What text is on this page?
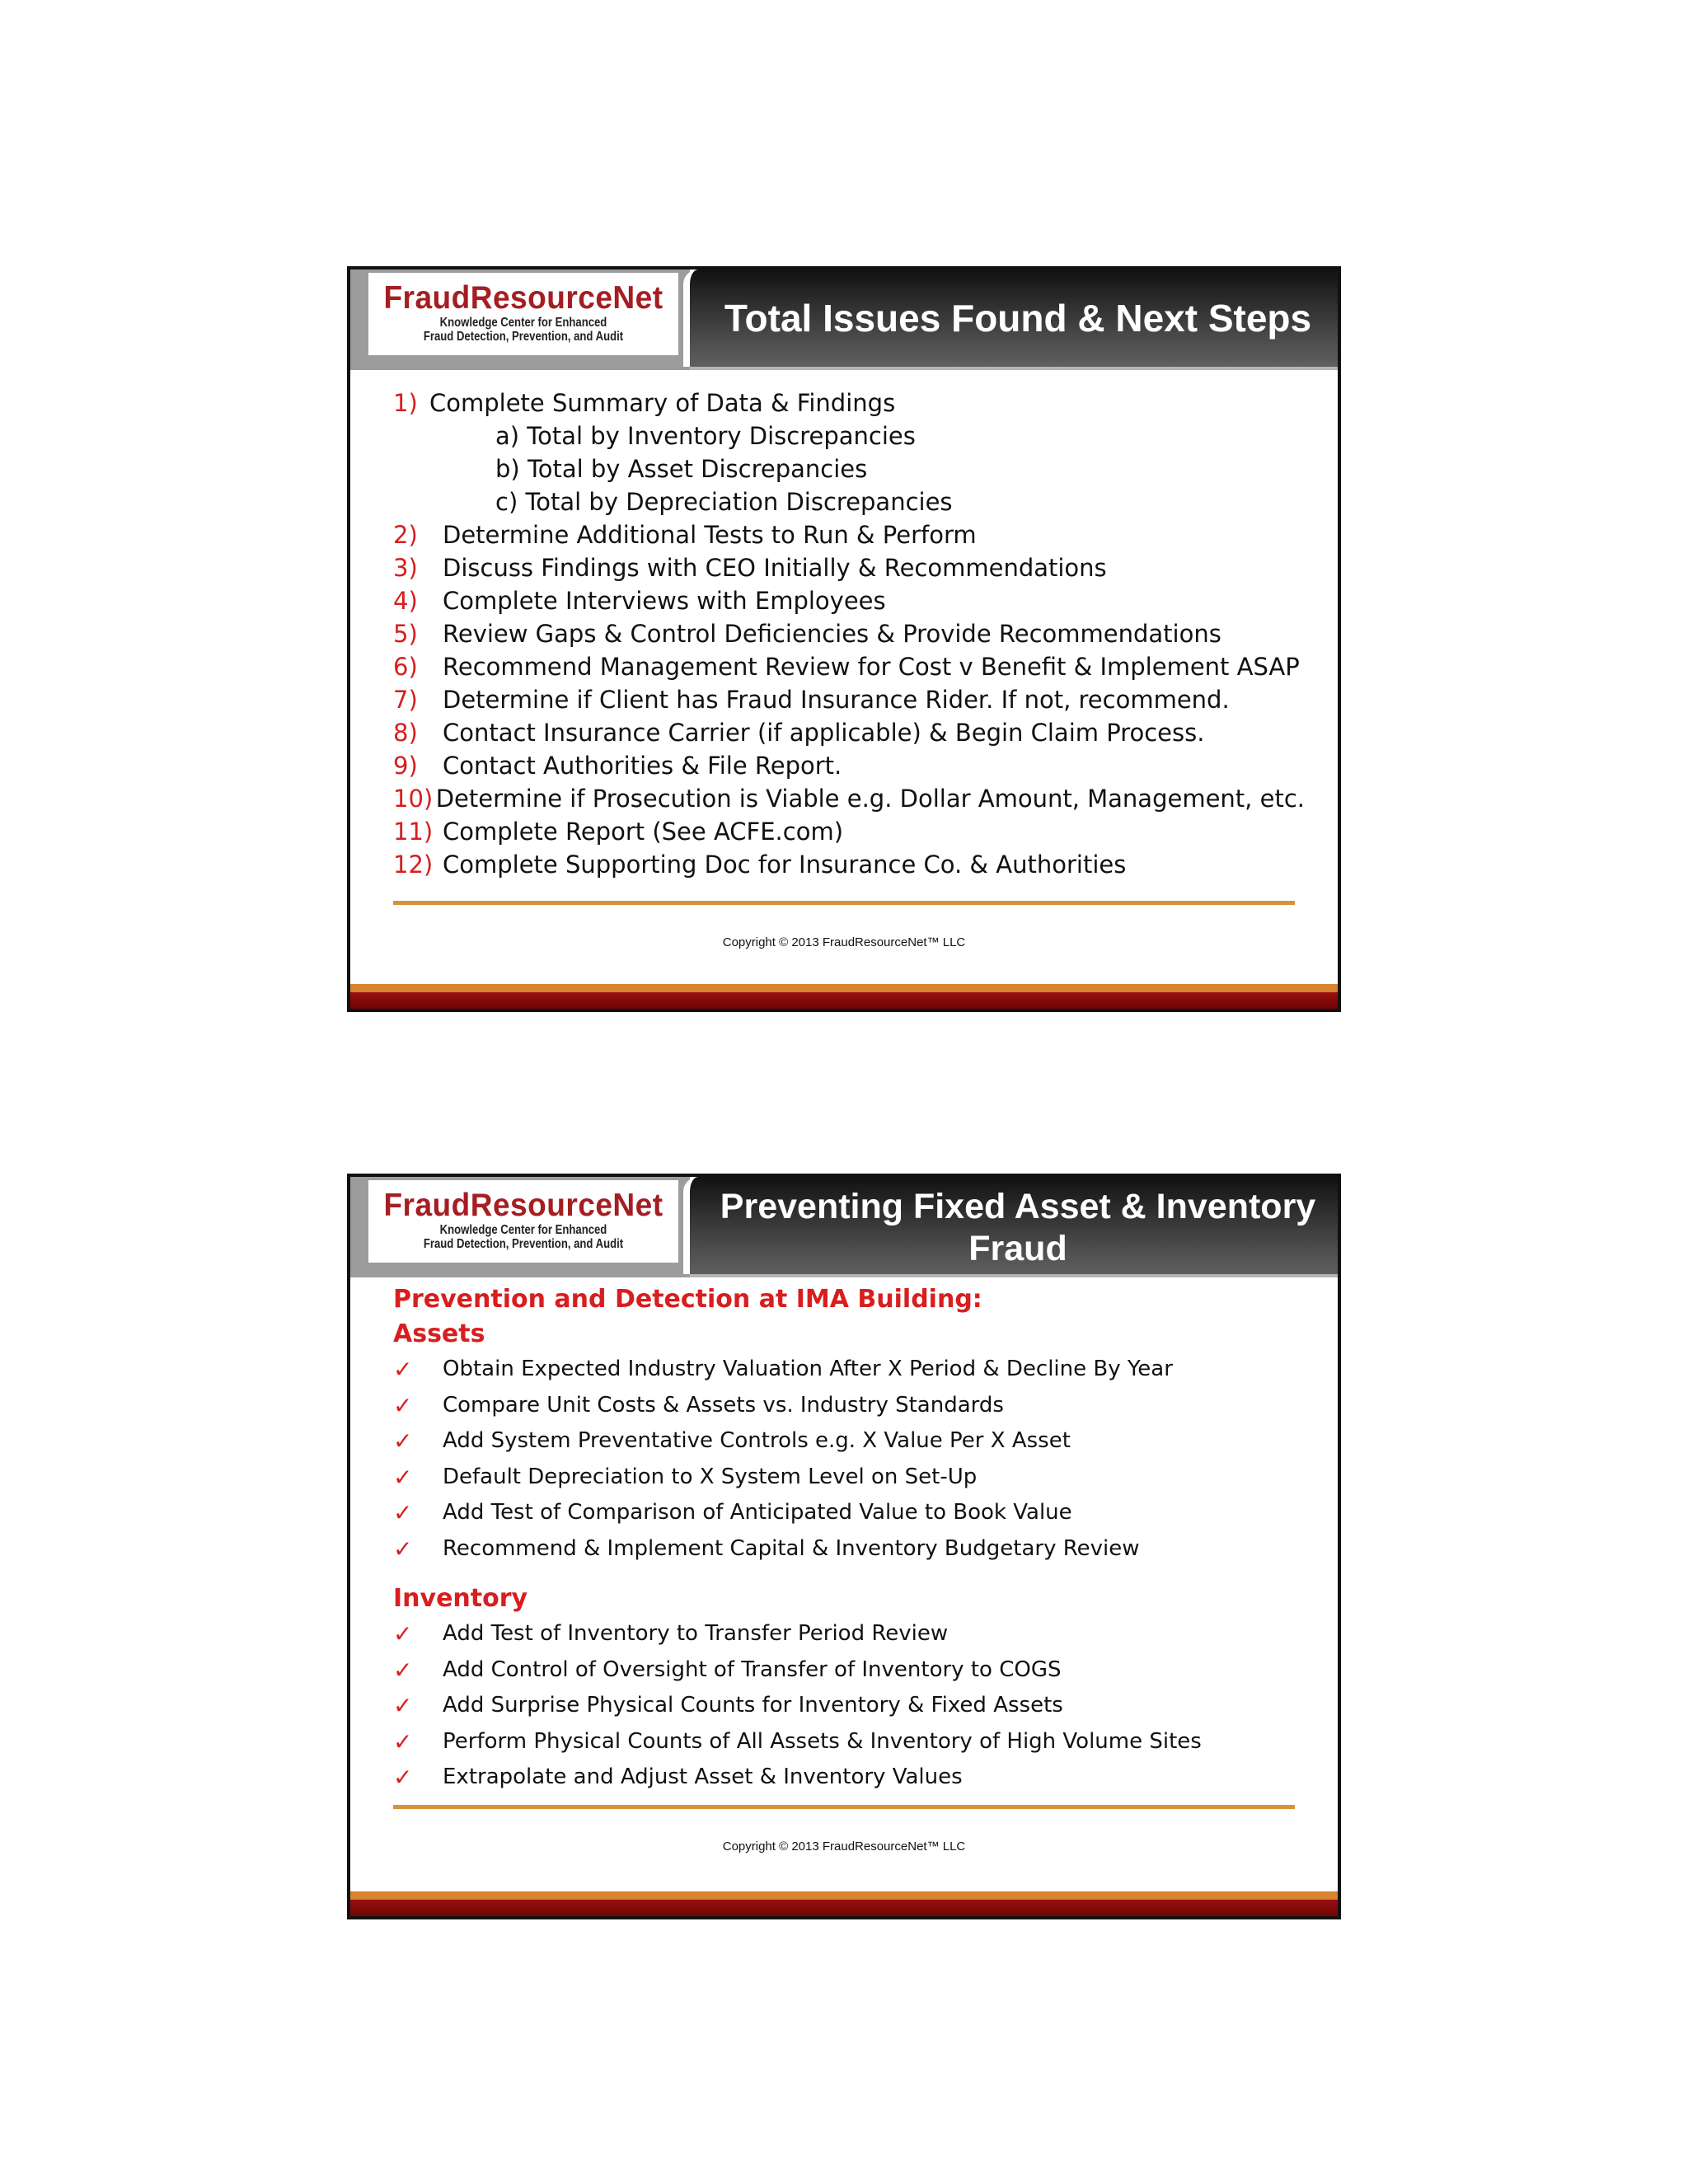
FraudResourceNet
Knowledge Center for Enhanced
Fraud Detection, Prevention, and Audit	Total Issues Found & Next Steps
1) Complete Summary of Data & Findings
a) Total by Inventory Discrepancies
b) Total by Asset Discrepancies
c) Total by Depreciation Discrepancies
2)	Determine Additional Tests to Run & Perform
3)	Discuss Findings with CEO Initially & Recommendations
4)	Complete Interviews with Employees
5)	Review Gaps & Control Deficiencies & Provide Recommendations
6)	Recommend Management Review for Cost v Benefit & Implement ASAP
7)	Determine if Client has Fraud Insurance Rider. If not, recommend.
8)	Contact Insurance Carrier (if applicable) & Begin Claim Process.
9)	Contact Authorities & File Report.
10) Determine if Prosecution is Viable e.g. Dollar Amount, Management, etc.
11) Complete Report (See ACFE.com)
12) Complete Supporting Doc for Insurance Co. & Authorities
Copyright © 2013 FraudResourceNet™ LLC
FraudResourceNet
Knowledge Center for Enhanced
Fraud Detection, Prevention, and Audit
Preventing Fixed Asset & Inventory
Fraud
Prevention and Detection at IMA Building:
Assets
✓	Obtain Expected Industry Valuation After X Period & Decline By Year
✓	Compare Unit Costs & Assets vs. Industry Standards
✓	Add System Preventative Controls e.g. X Value Per X Asset
✓	Default Depreciation to X System Level on Set-Up
✓	Add Test of Comparison of Anticipated Value to Book Value
✓	Recommend & Implement Capital & Inventory Budgetary Review
Inventory
✓	Add Test of Inventory to Transfer Period Review
✓	Add Control of Oversight of Transfer of Inventory to COGS
✓	Add Surprise Physical Counts for Inventory & Fixed Assets
✓	Perform Physical Counts of All Assets & Inventory of High Volume Sites
✓	Extrapolate and Adjust Asset & Inventory Values
Copyright © 2013 FraudResourceNet™ LLC
